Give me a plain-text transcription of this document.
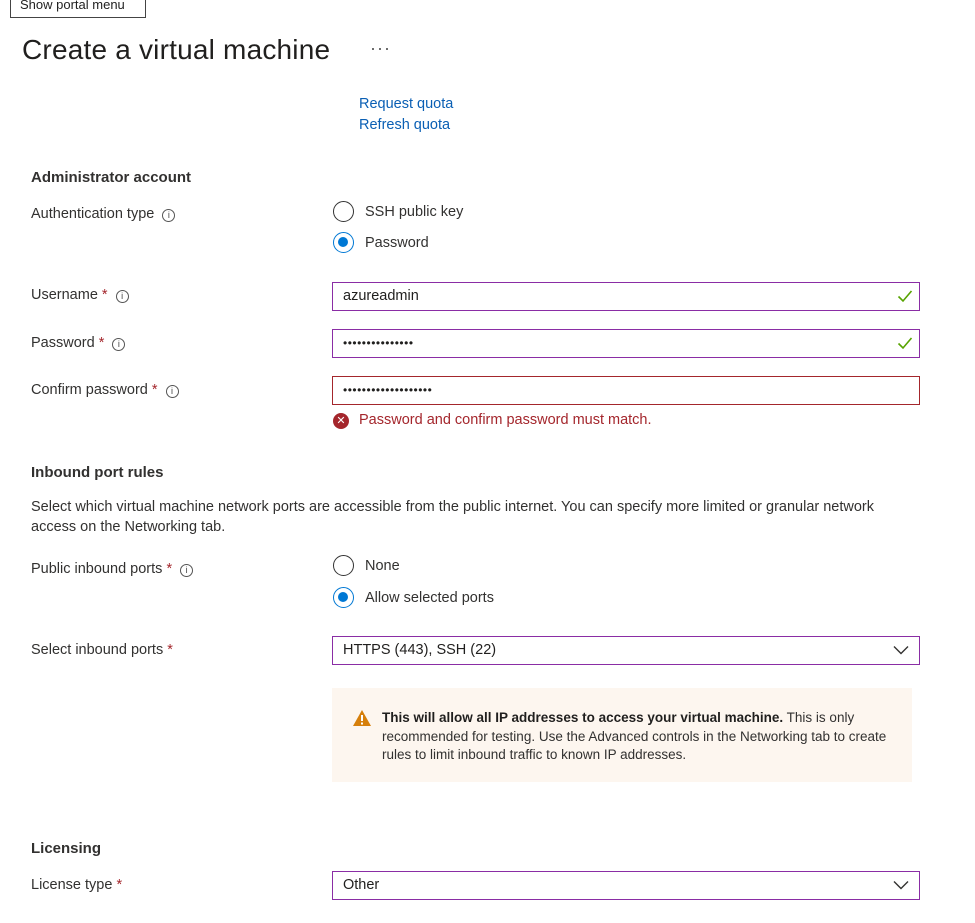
Show portal menu
Create a virtual machine ···
Request quota
Refresh quota
Administrator account
Authentication type i	SSH public key
Password
Username * i	azureadmin
Password * i	•••••••••••••••
Confirm password * i	•••••••••••••••••••
✕ Password and confirm password must match.
Inbound port rules
Select which virtual machine network ports are accessible from the public internet. You can specify more limited or granular network access on the Networking tab.
Public inbound ports * i	None
Allow selected ports
Select inbound ports *	HTTPS (443), SSH (22)
This will allow all IP addresses to access your virtual machine. This is only recommended for testing. Use the Advanced controls in the Networking tab to create rules to limit inbound traffic to known IP addresses.
Licensing
License type *	Other
